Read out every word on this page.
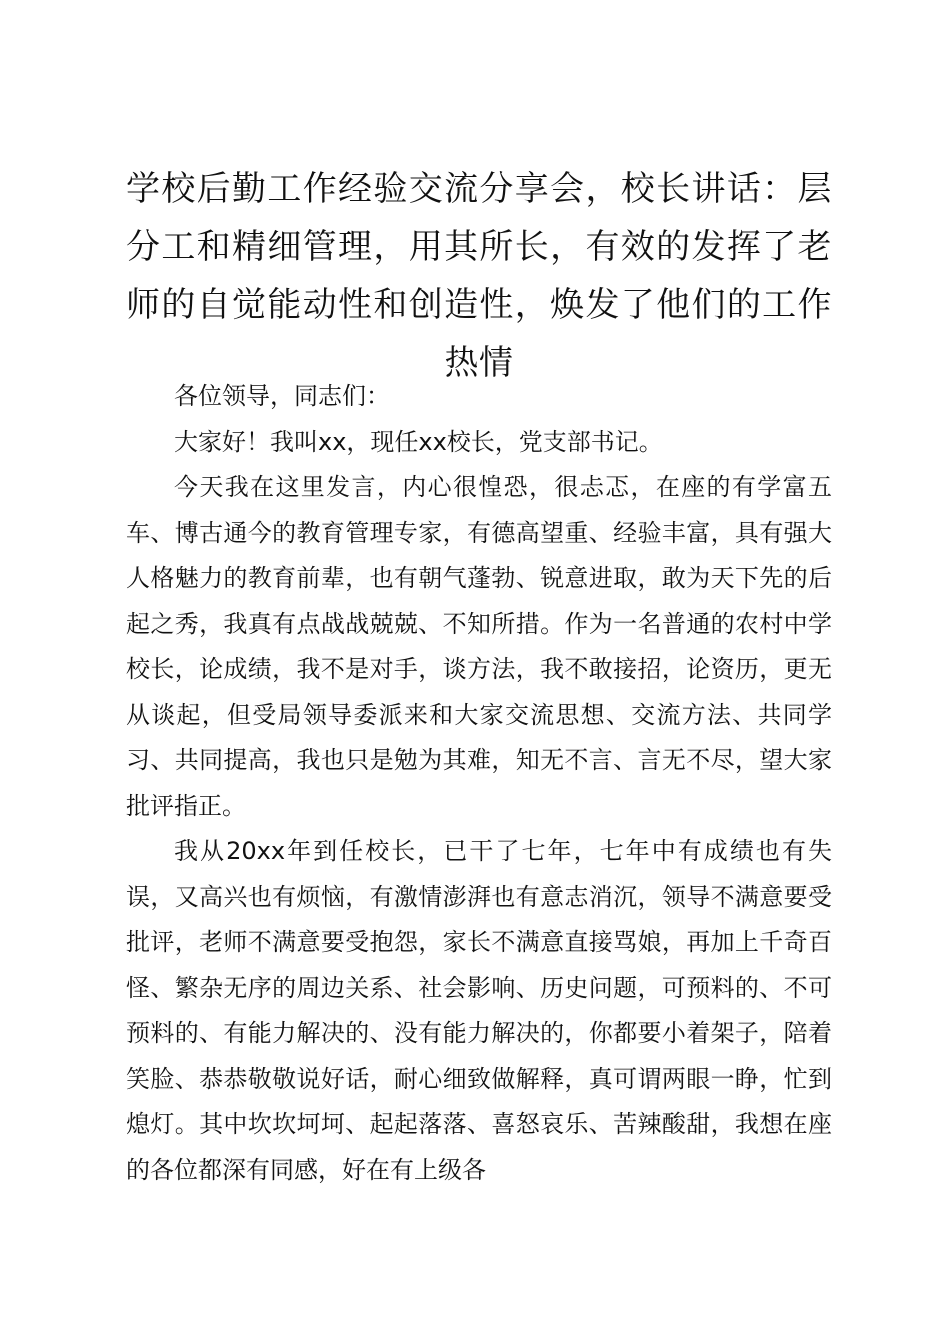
学校后勤工作经验交流分享会，校长讲话：层分工和精细管理，用其所长，有效的发挥了老师的自觉能动性和创造性，焕发了他们的工作热情

各位领导，同志们：

大家好！我叫xx，现任xx校长，党支部书记。

今天我在这里发言，内心很惶恐，很忐忑，在座的有学富五车、博古通今的教育管理专家，有德高望重、经验丰富，具有强大人格魅力的教育前辈，也有朝气蓬勃、锐意进取，敢为天下先的后起之秀，我真有点战战兢兢、不知所措。作为一名普通的农村中学校长，论成绩，我不是对手，谈方法，我不敢接招，论资历，更无从谈起，但受局领导委派来和大家交流思想、交流方法、共同学习、共同提高，我也只是勉为其难，知无不言、言无不尽，望大家批评指正。

我从20xx年到任校长，已干了七年，七年中有成绩也有失误，又高兴也有烦恼，有激情澎湃也有意志消沉，领导不满意要受批评，老师不满意要受抱怨，家长不满意直接骂娘，再加上千奇百怪、繁杂无序的周边关系、社会影响、历史问题，可预料的、不可预料的、有能力解决的、没有能力解决的，你都要小着架子，陪着笑脸、恭恭敬敬说好话，耐心细致做解释，真可谓两眼一睁，忙到熄灯。其中坎坎坷坷、起起落落、喜怒哀乐、苦辣酸甜，我想在座的各位都深有同感，好在有上级各
